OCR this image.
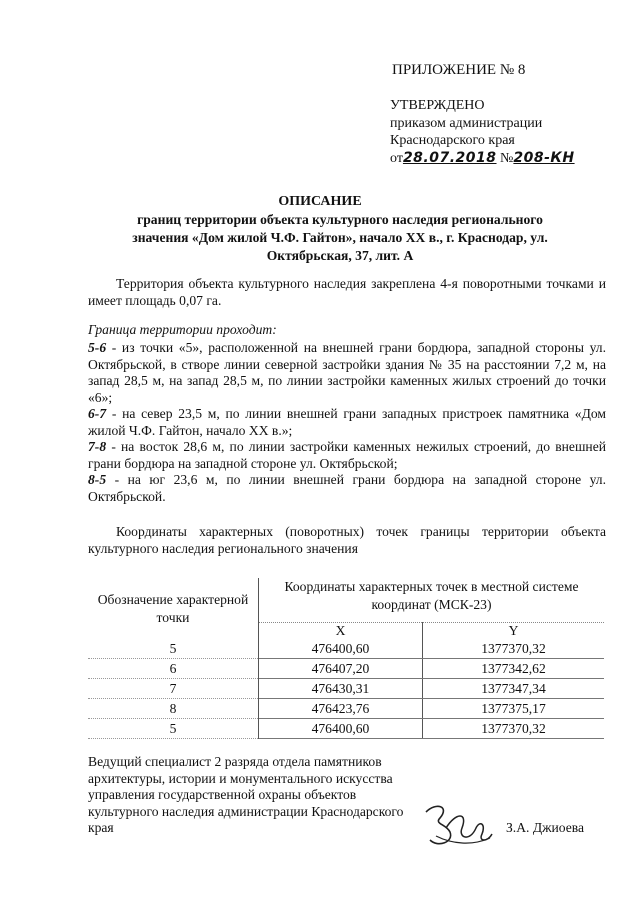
ПРИЛОЖЕНИЕ № 8
УТВЕРЖДЕНО
приказом администрации
Краснодарского края
от28.07.2018 №208-КН
ОПИСАНИЕ
границ территории объекта культурного наследия регионального значения «Дом жилой Ч.Ф. Гайтон», начало XX в., г. Краснодар, ул. Октябрьская, 37, лит. А
Территория объекта культурного наследия закреплена 4-я поворотными точками и имеет площадь 0,07 га.
Граница территории проходит:

5-6 - из точки «5», расположенной на внешней грани бордюра, западной стороны ул. Октябрьской, в створе линии северной застройки здания № 35 на расстоянии 7,2 м, на запад 28,5 м, на запад 28,5 м, по линии застройки каменных жилых строений до точки «6»;

6-7 - на север 23,5 м, по линии внешней грани западных пристроек памятника «Дом жилой Ч.Ф. Гайтон, начало XX в.»;

7-8 - на восток 28,6 м, по линии застройки каменных нежилых строений, до внешней грани бордюра на западной стороне ул. Октябрьской;

8-5 - на юг 23,6 м, по линии внешней грани бордюра на западной стороне ул. Октябрьской.

Координаты характерных (поворотных) точек границы территории объекта культурного наследия регионального значения
Обозначение характерной точки	Координаты характерных точек в местной системе координат (МСК-23)	
	X	Y
5	476400,60	1377370,32
6	476407,20	1377342,62
7	476430,31	1377347,34
8	476423,76	1377375,17
5	476400,60	1377370,32
Ведущий специалист 2 разряда отдела памятников архитектуры, истории и монументального искусства управления государственной охраны объектов культурного наследия администрации Краснодарского края	З.А. Джиоева
